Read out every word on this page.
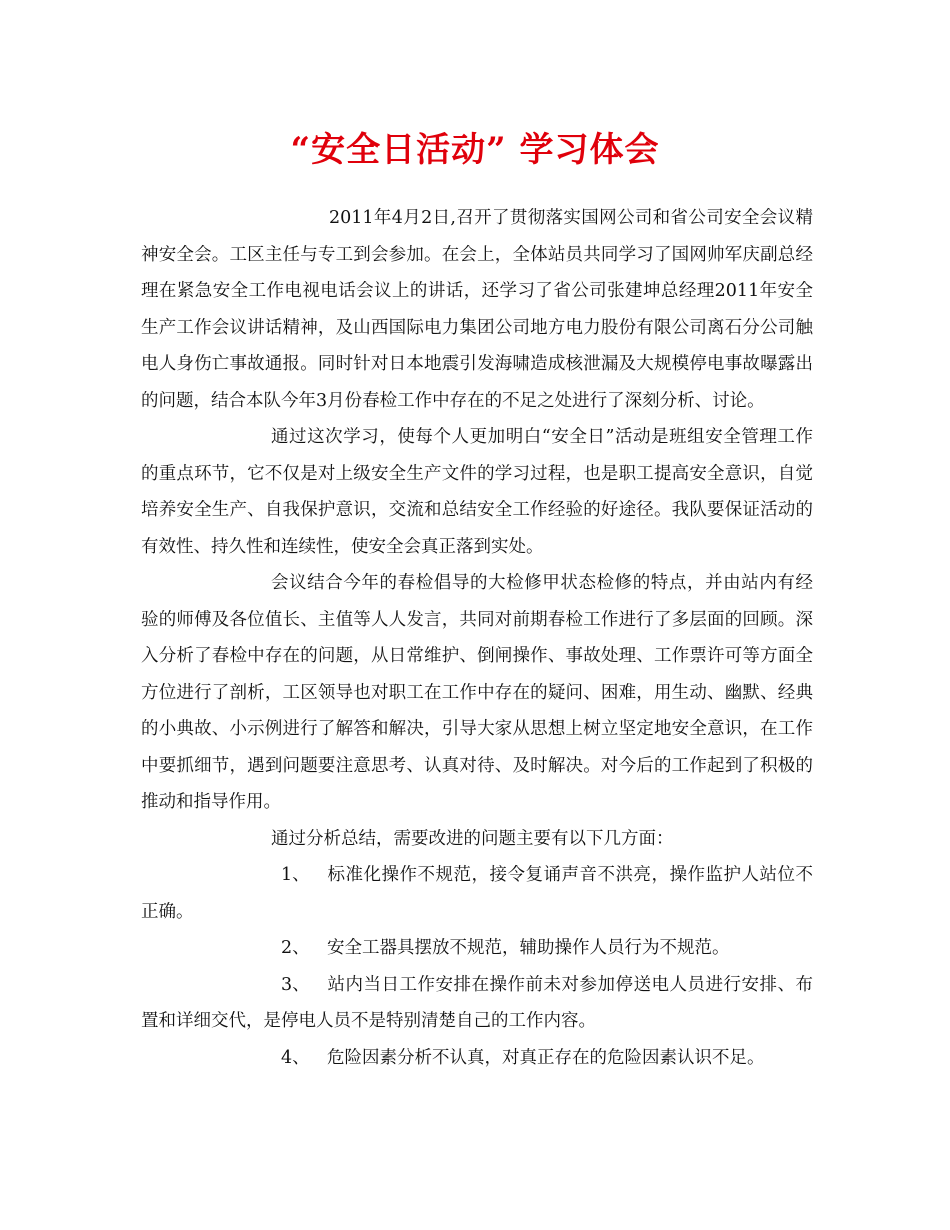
“安全日活动” 学习体会

2011年4月2日,召开了贯彻落实国网公司和省公司安全会议精神安全会。工区主任与专工到会参加。在会上，全体站员共同学习了国网帅军庆副总经理在紧急安全工作电视电话会议上的讲话，还学习了省公司张建坤总经理2011年安全生产工作会议讲话精神，及山西国际电力集团公司地方电力股份有限公司离石分公司触电人身伤亡事故通报。同时针对日本地震引发海啸造成核泄漏及大规模停电事故曝露出的问题，结合本队今年3月份春检工作中存在的不足之处进行了深刻分析、讨论。

通过这次学习，使每个人更加明白“安全日”活动是班组安全管理工作的重点环节，它不仅是对上级安全生产文件的学习过程，也是职工提高安全意识，自觉培养安全生产、自我保护意识，交流和总结安全工作经验的好途径。我队要保证活动的有效性、持久性和连续性，使安全会真正落到实处。

会议结合今年的春检倡导的大检修甲状态检修的特点，并由站内有经验的师傅及各位值长、主值等人人发言，共同对前期春检工作进行了多层面的回顾。深入分析了春检中存在的问题，从日常维护、倒闸操作、事故处理、工作票许可等方面全方位进行了剖析，工区领导也对职工在工作中存在的疑问、困难，用生动、幽默、经典的小典故、小示例进行了解答和解决，引导大家从思想上树立坚定地安全意识，在工作中要抓细节，遇到问题要注意思考、认真对待、及时解决。对今后的工作起到了积极的推动和指导作用。

通过分析总结，需要改进的问题主要有以下几方面：

1、 标准化操作不规范，接令复诵声音不洪亮，操作监护人站位不正确。

2、 安全工器具摆放不规范，辅助操作人员行为不规范。

3、 站内当日工作安排在操作前未对参加停送电人员进行安排、布置和详细交代，是停电人员不是特别清楚自己的工作内容。

4、 危险因素分析不认真，对真正存在的危险因素认识不足。
